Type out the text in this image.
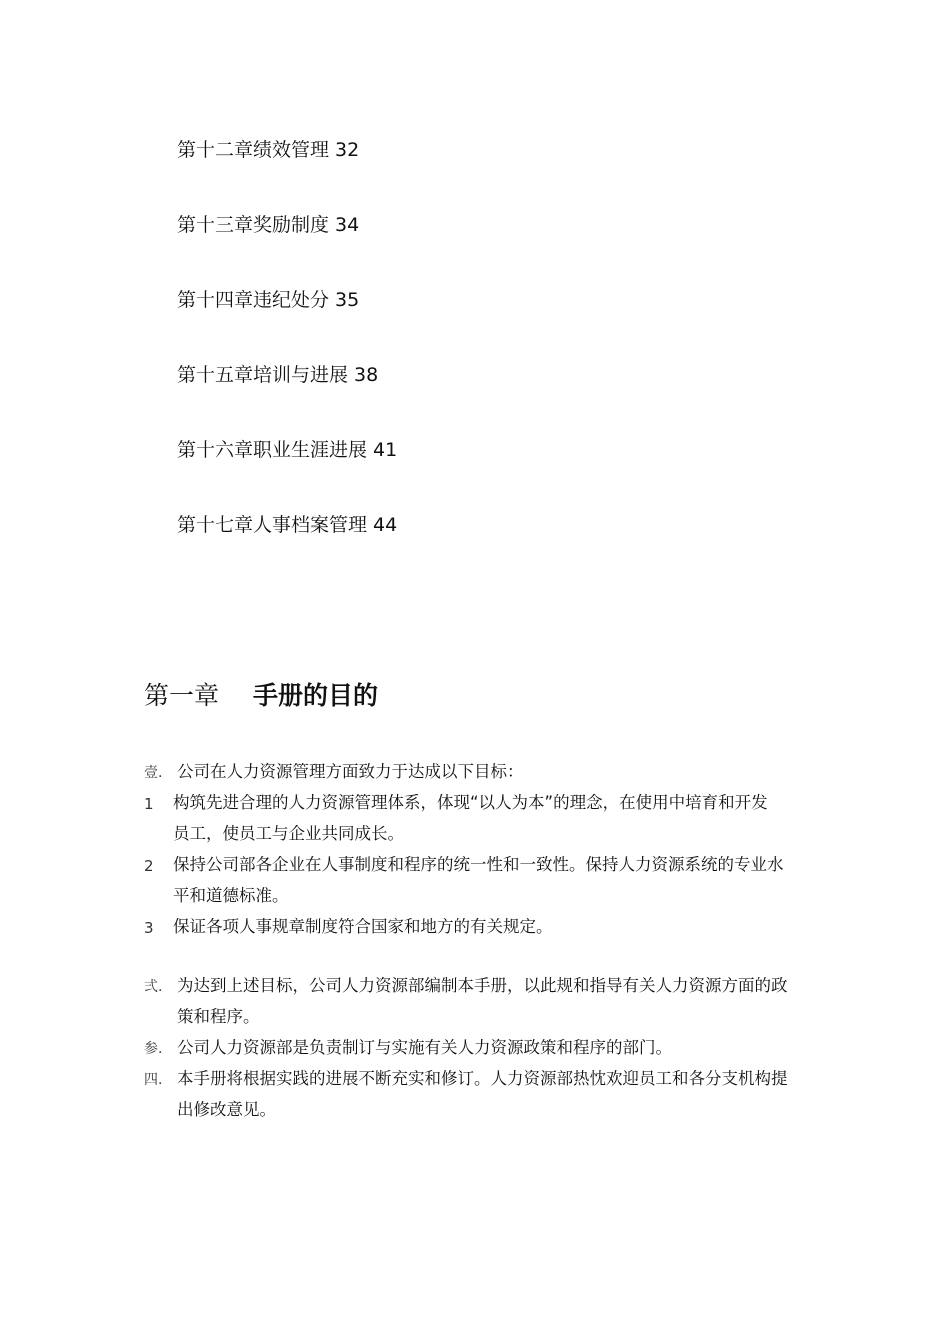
第十二章绩效管理 32
第十三章奖励制度 34
第十四章违纪处分 35
第十五章培训与进展 38
第十六章职业生涯进展 41
第十七章人事档案管理 44
第一章 手册的目的
壹. 公司在人力资源管理方面致力于达成以下目标：
1 构筑先进合理的人力资源管理体系，体现“以人为本”的理念，在使用中培育和开发
员工，使员工与企业共同成长。
2 保持公司部各企业在人事制度和程序的统一性和一致性。保持人力资源系统的专业水
平和道德标准。
3 保证各项人事规章制度符合国家和地方的有关规定。
弍. 为达到上述目标，公司人力资源部编制本手册，以此规和指导有关人力资源方面的政
策和程序。
参. 公司人力资源部是负责制订与实施有关人力资源政策和程序的部门。
四. 本手册将根据实践的进展不断充实和修订。人力资源部热忱欢迎员工和各分支机构提
出修改意见。
